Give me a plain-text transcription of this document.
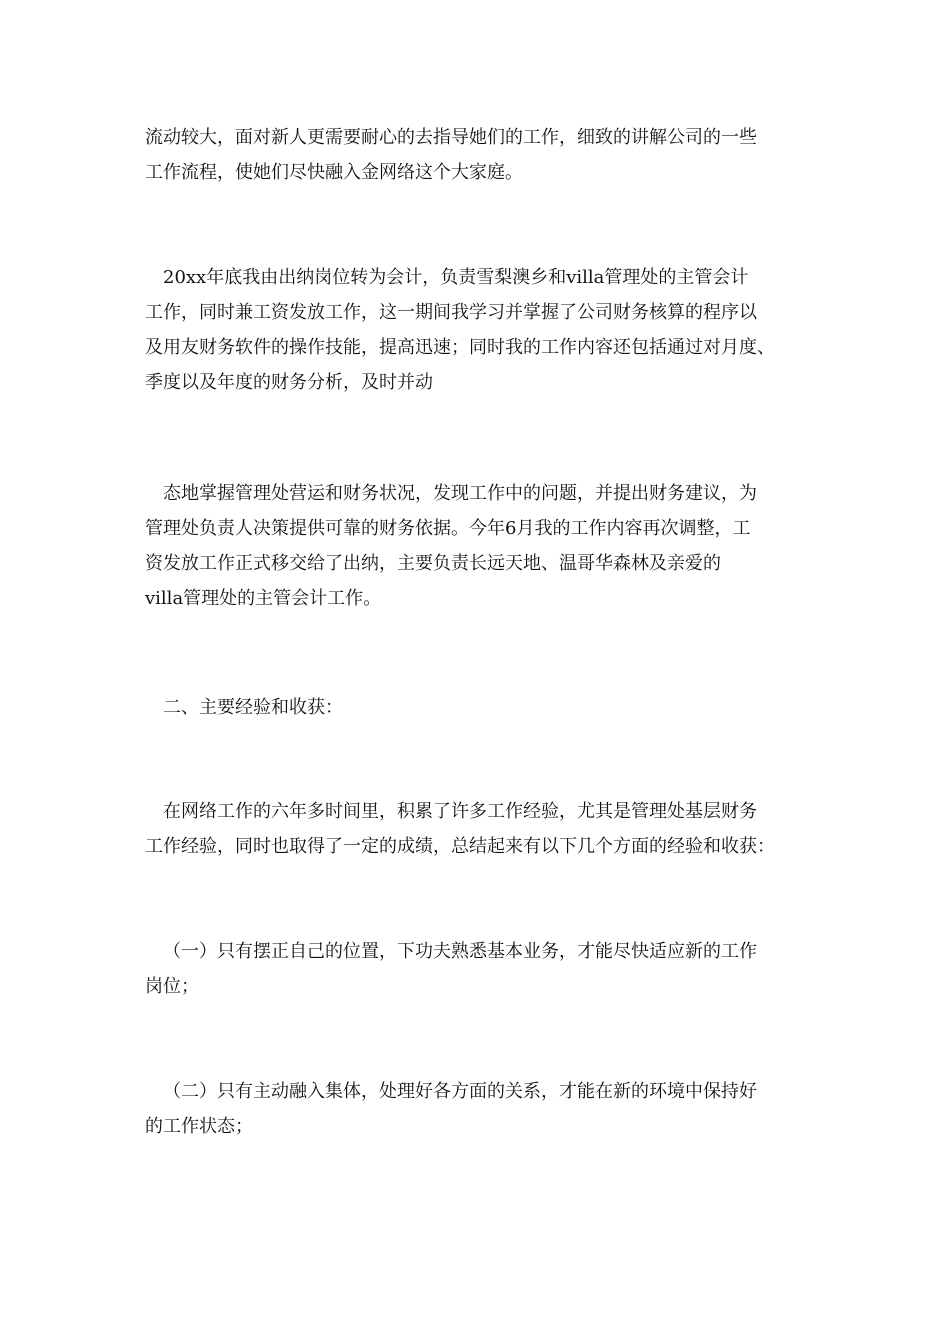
流动较大，面对新人更需要耐心的去指导她们的工作，细致的讲解公司的一些
工作流程，使她们尽快融入金网络这个大家庭。

20xx年底我由出纳岗位转为会计，负责雪梨澳乡和villa管理处的主管会计
工作，同时兼工资发放工作，这一期间我学习并掌握了公司财务核算的程序以
及用友财务软件的操作技能，提高迅速；同时我的工作内容还包括通过对月度、
季度以及年度的财务分析，及时并动

态地掌握管理处营运和财务状况，发现工作中的问题，并提出财务建议，为
管理处负责人决策提供可靠的财务依据。今年6月我的工作内容再次调整，工
资发放工作正式移交给了出纳，主要负责长远天地、温哥华森林及亲爱的
villa管理处的主管会计工作。

二、主要经验和收获：

在网络工作的六年多时间里，积累了许多工作经验，尤其是管理处基层财务
工作经验，同时也取得了一定的成绩，总结起来有以下几个方面的经验和收获：

（一）只有摆正自己的位置，下功夫熟悉基本业务，才能尽快适应新的工作
岗位；

（二）只有主动融入集体，处理好各方面的关系，才能在新的环境中保持好
的工作状态；
